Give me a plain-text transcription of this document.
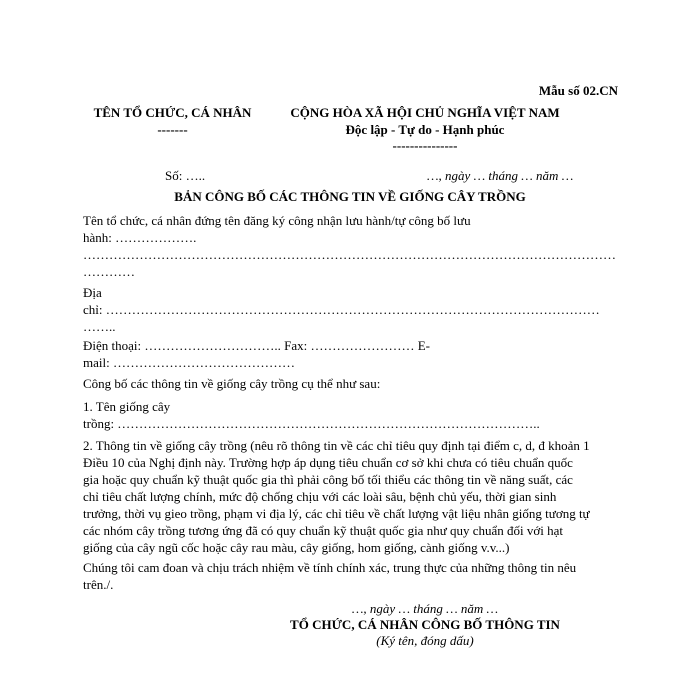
Mẫu số 02.CN
TÊN TỔ CHỨC, CÁ NHÂN
-------
CỘNG HÒA XÃ HỘI CHỦ NGHĨA VIỆT NAM
Độc lập - Tự do - Hạnh phúc
---------------
Số: …..	…, ngày … tháng … năm …
BẢN CÔNG BỐ CÁC THÔNG TIN VỀ GIỐNG CÂY TRỒNG
Tên tổ chức, cá nhân đứng tên đăng ký công nhận lưu hành/tự công bố lưu
hành: ……………….
……………………………………………………………………………………………………………
…………
Địa
chỉ: ……………………………………………………………………………………………………
……..
Điện thoại: ………………………….. Fax: …………………… E-
mail: ……………………………………
Công bố các thông tin về giống cây trồng cụ thể như sau:
1. Tên giống cây
trồng: ……………………………………………………………………………………..
2. Thông tin về giống cây trồng (nêu rõ thông tin về các chỉ tiêu quy định tại điểm c, d, đ khoản 1
Điều 10 của Nghị định này. Trường hợp áp dụng tiêu chuẩn cơ sở khi chưa có tiêu chuẩn quốc
gia hoặc quy chuẩn kỹ thuật quốc gia thì phải công bố tối thiểu các thông tin về năng suất, các
chỉ tiêu chất lượng chính, mức độ chống chịu với các loài sâu, bệnh chủ yếu, thời gian sinh
trưởng, thời vụ gieo trồng, phạm vi địa lý, các chỉ tiêu về chất lượng vật liệu nhân giống tương tự
các nhóm cây trồng tương ứng đã có quy chuẩn kỹ thuật quốc gia như quy chuẩn đối với hạt
giống của cây ngũ cốc hoặc cây rau màu, cây giống, hom giống, cành giống v.v...)
Chúng tôi cam đoan và chịu trách nhiệm về tính chính xác, trung thực của những thông tin nêu
trên./.
…, ngày … tháng … năm …
TỔ CHỨC, CÁ NHÂN CÔNG BỐ THÔNG TIN
(Ký tên, đóng dấu)
